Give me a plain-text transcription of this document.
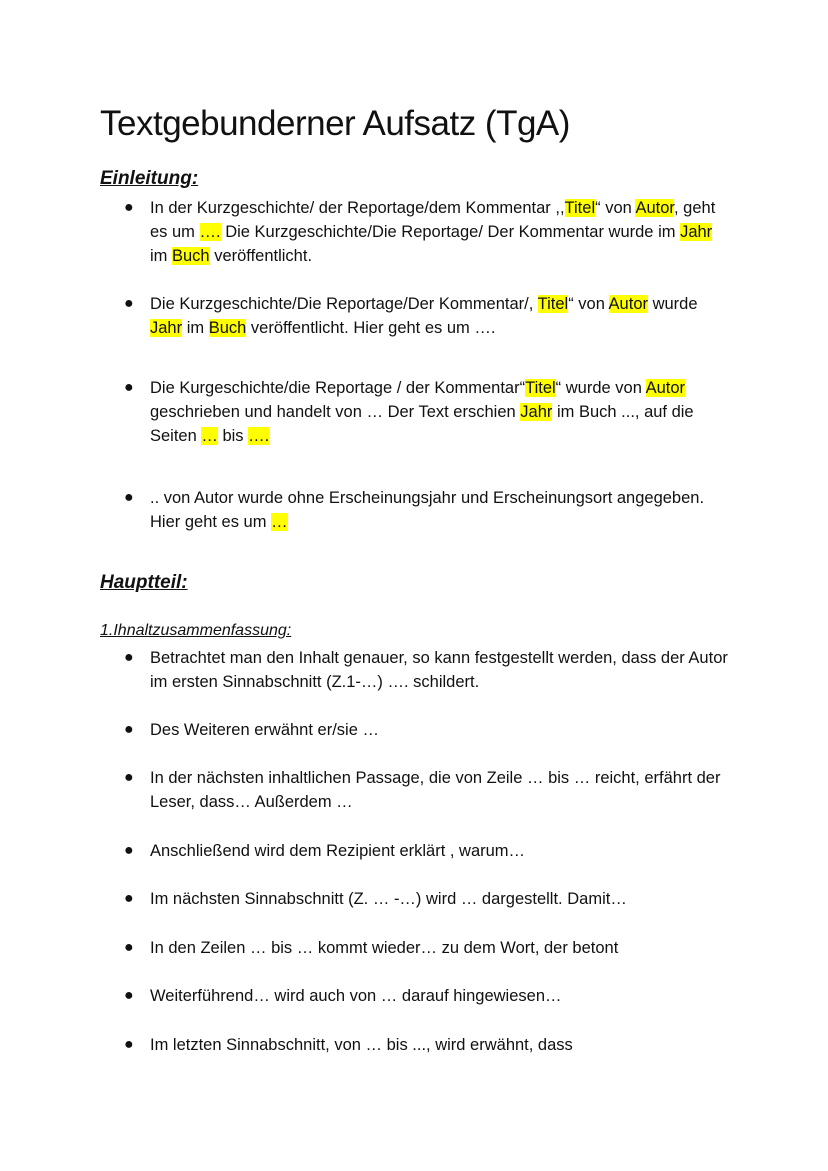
Textgebunderner Aufsatz (TgA)
Einleitung:
● In der Kurzgeschichte/ der Reportage/dem Kommentar ,,Titel“ von Autor, geht es um …. Die Kurzgeschichte/Die Reportage/ Der Kommentar wurde im Jahr im Buch veröffentlicht.
● Die Kurzgeschichte/Die Reportage/Der Kommentar/, Titel“ von Autor wurde Jahr im Buch veröffentlicht. Hier geht es um ….
● Die Kurgeschichte/die Reportage / der Kommentar“Titel“ wurde von Autor geschrieben und handelt von … Der Text erschien Jahr im Buch ..., auf die Seiten … bis ….
● .. von Autor wurde ohne Erscheinungsjahr und Erscheinungsort angegeben. Hier geht es um …
Hauptteil:
1.Ihnaltzusammenfassung:
● Betrachtet man den Inhalt genauer, so kann festgestellt werden, dass der Autor im ersten Sinnabschnitt (Z.1-…) …. schildert.
● Des Weiteren erwähnt er/sie …
● In der nächsten inhaltlichen Passage, die von Zeile … bis … reicht, erfährt der Leser, dass… Außerdem …
● Anschließend wird dem Rezipient erklärt , warum…
● Im nächsten Sinnabschnitt (Z. … -…) wird … dargestellt. Damit…
● In den Zeilen … bis … kommt wieder… zu dem Wort, der betont
● Weiterführend… wird auch von … darauf hingewiesen…
● Im letzten Sinnabschnitt, von … bis ..., wird erwähnt, dass
